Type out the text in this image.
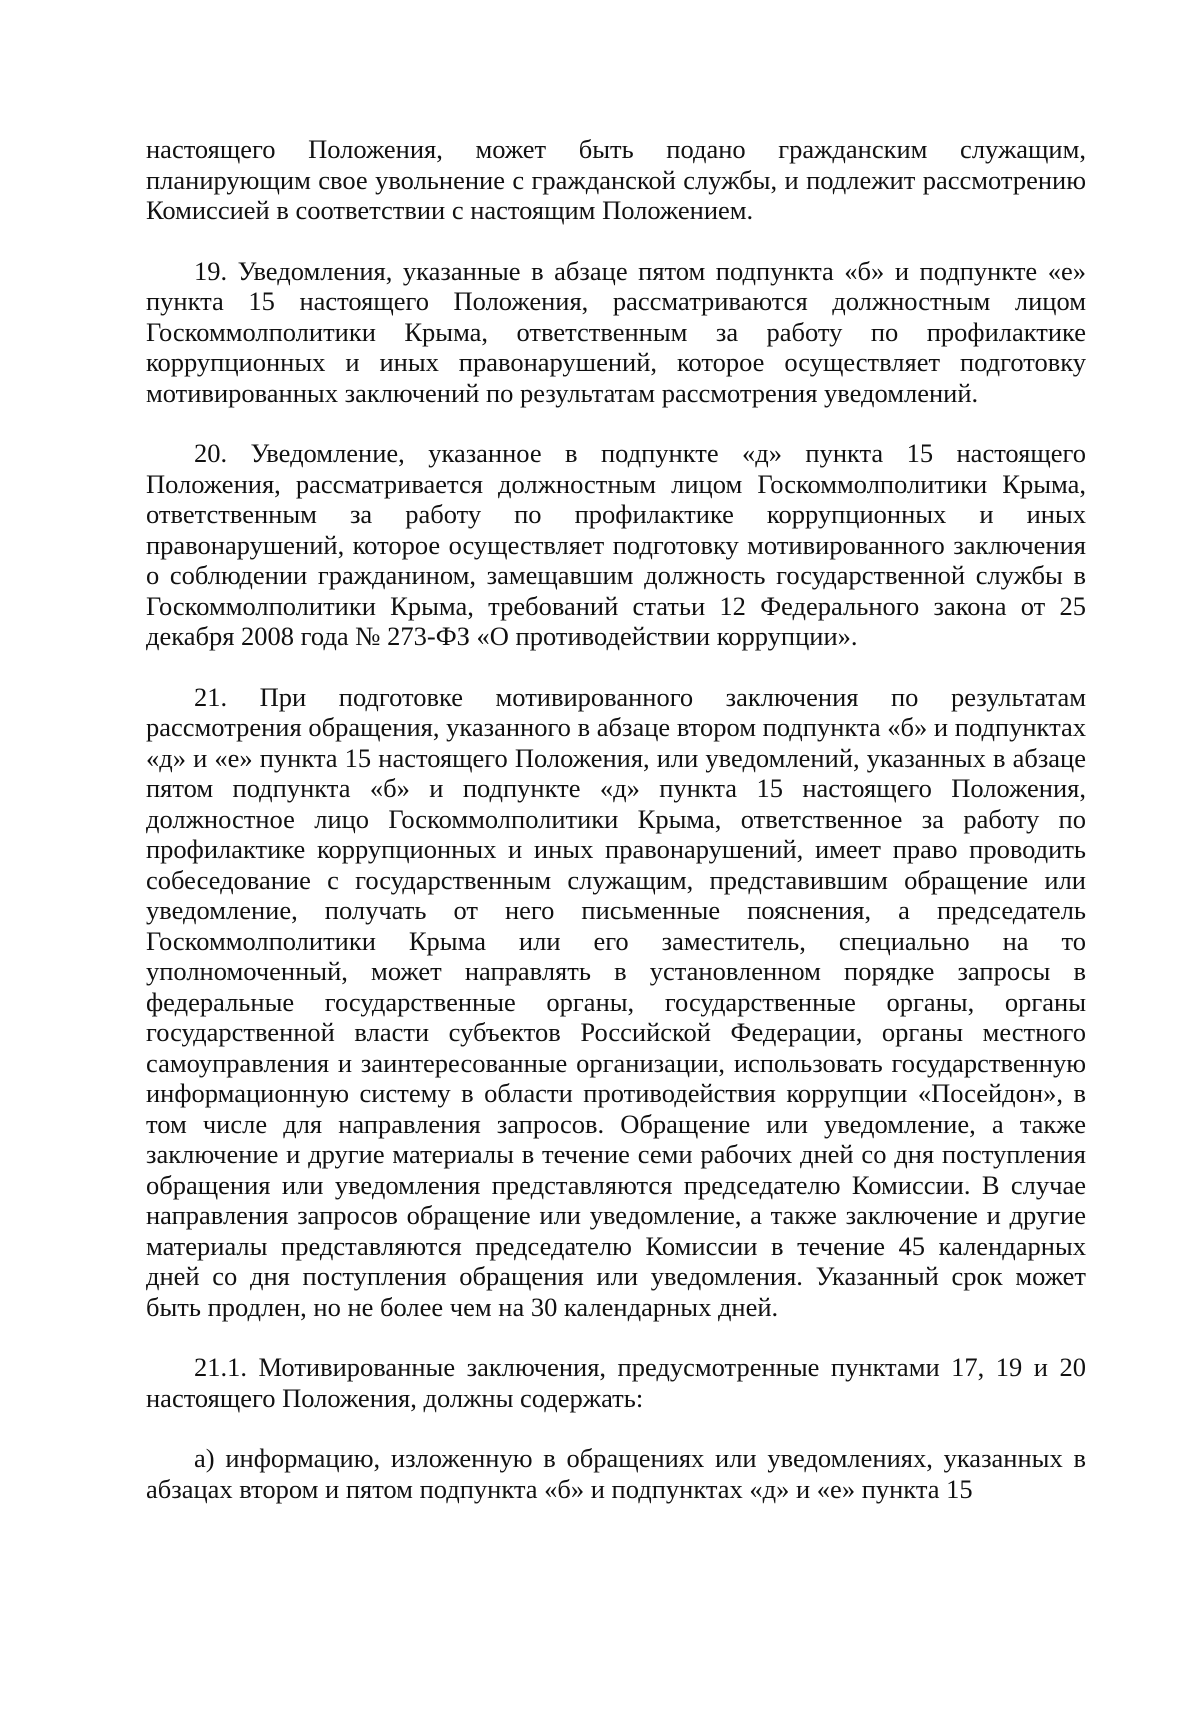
настоящего Положения, может быть подано гражданским служащим, планирующим свое увольнение с гражданской службы, и подлежит рассмотрению Комиссией в соответствии с настоящим Положением.

19. Уведомления, указанные в абзаце пятом подпункта «б» и подпункте «е» пункта 15 настоящего Положения, рассматриваются должностным лицом Госкоммолполитики Крыма, ответственным за работу по профилактике коррупционных и иных правонарушений, которое осуществляет подготовку мотивированных заключений по результатам рассмотрения уведомлений.

20. Уведомление, указанное в подпункте «д» пункта 15 настоящего Положения, рассматривается должностным лицом Госкоммолполитики Крыма, ответственным за работу по профилактике коррупционных и иных правонарушений, которое осуществляет подготовку мотивированного заключения о соблюдении гражданином, замещавшим должность государственной службы в Госкоммолполитики Крыма, требований статьи 12 Федерального закона от 25 декабря 2008 года № 273-ФЗ «О противодействии коррупции».

21. При подготовке мотивированного заключения по результатам рассмотрения обращения, указанного в абзаце втором подпункта «б» и подпунктах «д» и «е» пункта 15 настоящего Положения, или уведомлений, указанных в абзаце пятом подпункта «б» и подпункте «д» пункта 15 настоящего Положения, должностное лицо Госкоммолполитики Крыма, ответственное за работу по профилактике коррупционных и иных правонарушений, имеет право проводить собеседование с государственным служащим, представившим обращение или уведомление, получать от него письменные пояснения, а председатель Госкоммолполитики Крыма или его заместитель, специально на то уполномоченный, может направлять в установленном порядке запросы в федеральные государственные органы, государственные органы, органы государственной власти субъектов Российской Федерации, органы местного самоуправления и заинтересованные организации, использовать государственную информационную систему в области противодействия коррупции «Посейдон», в том числе для направления запросов. Обращение или уведомление, а также заключение и другие материалы в течение семи рабочих дней со дня поступления обращения или уведомления представляются председателю Комиссии. В случае направления запросов обращение или уведомление, а также заключение и другие материалы представляются председателю Комиссии в течение 45 календарных дней со дня поступления обращения или уведомления. Указанный срок может быть продлен, но не более чем на 30 календарных дней.

21.1. Мотивированные заключения, предусмотренные пунктами 17, 19 и 20 настоящего Положения, должны содержать:

а) информацию, изложенную в обращениях или уведомлениях, указанных в абзацах втором и пятом подпункта «б» и подпунктах «д» и «е» пункта 15
